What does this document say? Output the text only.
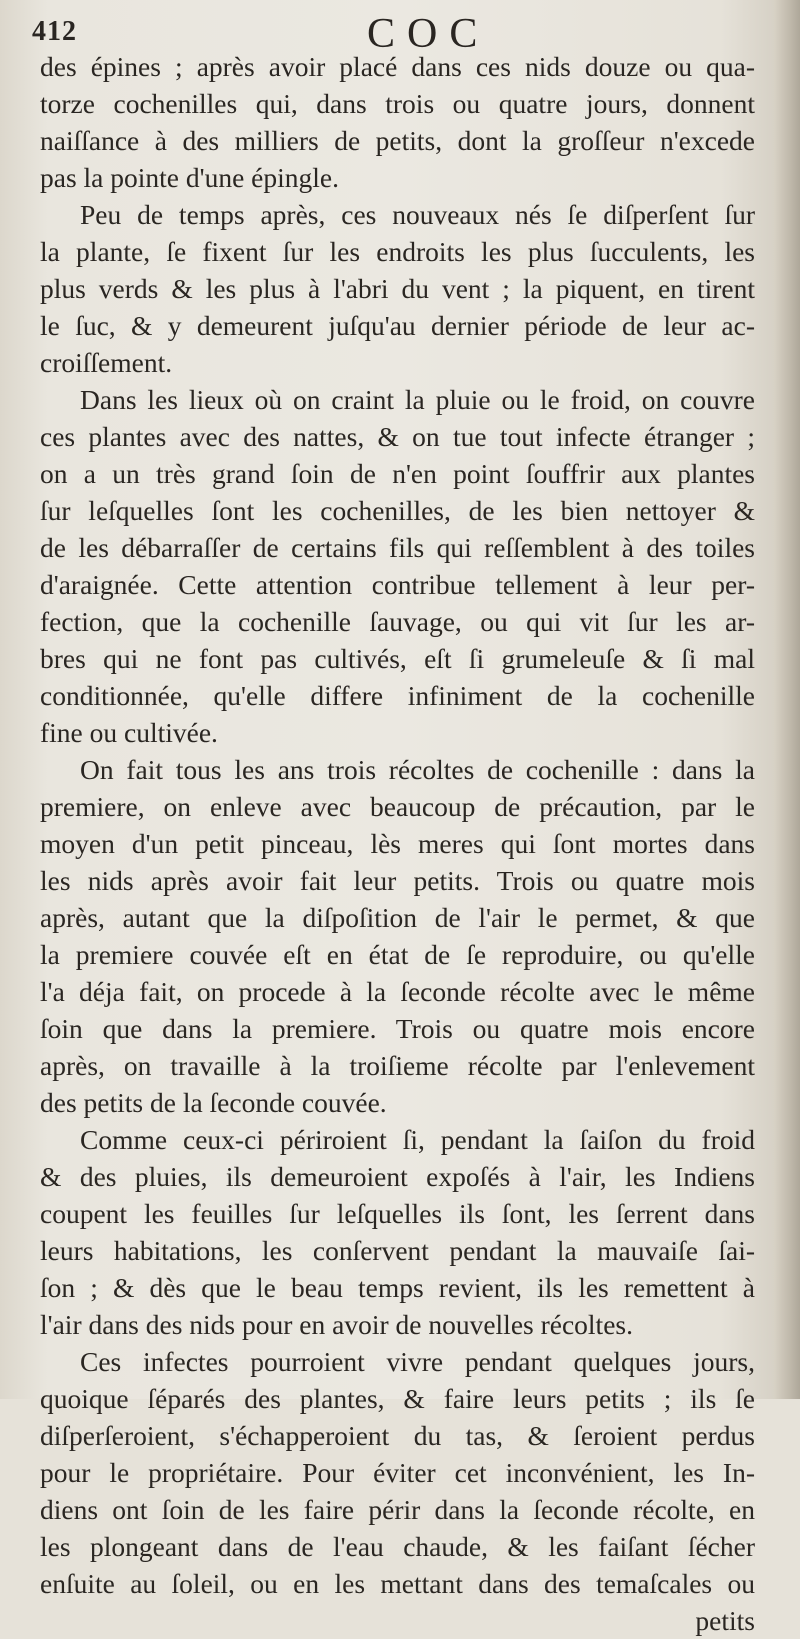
412	COC
des épines ; après avoir placé dans ces nids douze ou qua-
torze cochenilles qui, dans trois ou quatre jours, donnent
naiſſance à des milliers de petits, dont la groſſeur n'excede
pas la pointe d'une épingle.
Peu de temps après, ces nouveaux nés ſe diſperſent ſur
la plante, ſe fixent ſur les endroits les plus ſucculents, les
plus verds & les plus à l'abri du vent ; la piquent, en tirent
le ſuc, & y demeurent juſqu'au dernier période de leur ac-
croiſſement.
Dans les lieux où on craint la pluie ou le froid, on couvre
ces plantes avec des nattes, & on tue tout infecte étranger ;
on a un très grand ſoin de n'en point ſouffrir aux plantes
ſur leſquelles ſont les cochenilles, de les bien nettoyer &
de les débarraſſer de certains fils qui reſſemblent à des toiles
d'araignée. Cette attention contribue tellement à leur per-
fection, que la cochenille ſauvage, ou qui vit ſur les ar-
bres qui ne font pas cultivés, eſt ſi grumeleuſe & ſi mal
conditionnée, qu'elle differe infiniment de la cochenille
fine ou cultivée.
On fait tous les ans trois récoltes de cochenille : dans la
premiere, on enleve avec beaucoup de précaution, par le
moyen d'un petit pinceau, lès meres qui ſont mortes dans
les nids après avoir fait leur petits. Trois ou quatre mois
après, autant que la diſpoſition de l'air le permet, & que
la premiere couvée eſt en état de ſe reproduire, ou qu'elle
l'a déja fait, on procede à la ſeconde récolte avec le même
ſoin que dans la premiere. Trois ou quatre mois encore
après, on travaille à la troiſieme récolte par l'enlevement
des petits de la ſeconde couvée.
Comme ceux-ci périroient ſi, pendant la ſaiſon du froid
& des pluies, ils demeuroient expoſés à l'air, les Indiens
coupent les feuilles ſur leſquelles ils ſont, les ſerrent dans
leurs habitations, les conſervent pendant la mauvaiſe ſai-
ſon ; & dès que le beau temps revient, ils les remettent à
l'air dans des nids pour en avoir de nouvelles récoltes.
Ces infectes pourroient vivre pendant quelques jours,
quoique ſéparés des plantes, & faire leurs petits ; ils ſe
diſperſeroient, s'échapperoient du tas, & ſeroient perdus
pour le propriétaire. Pour éviter cet inconvénient, les In-
diens ont ſoin de les faire périr dans la ſeconde récolte, en
les plongeant dans de l'eau chaude, & les faiſant ſécher
enſuite au ſoleil, ou en les mettant dans des temaſcales ou
petits
